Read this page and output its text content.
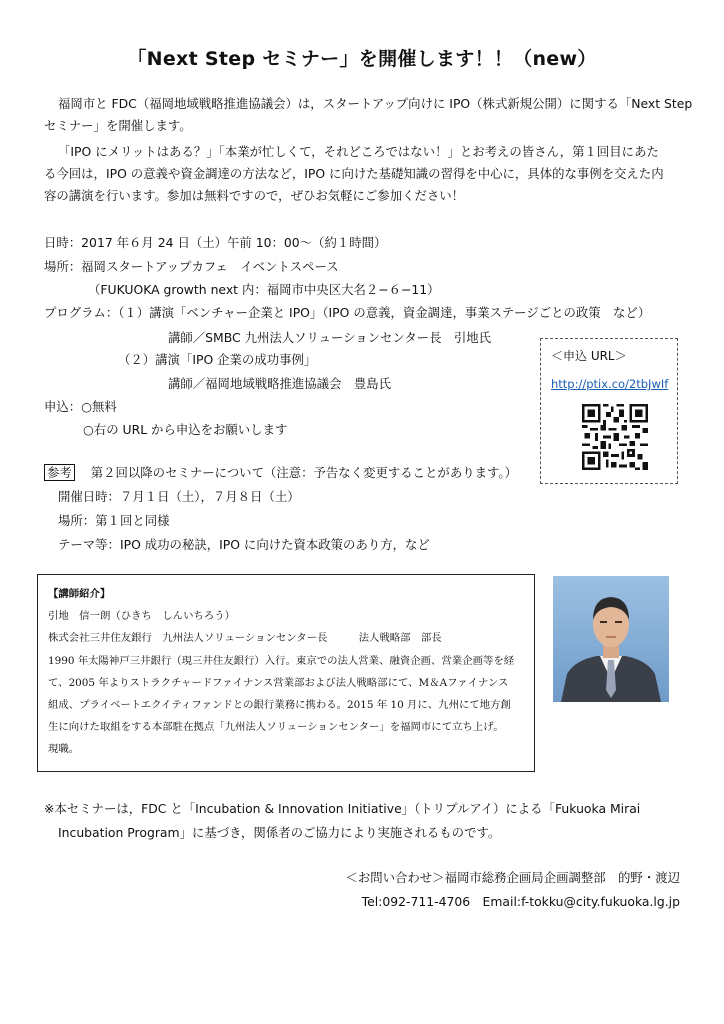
「Next Step セミナー」を開催します！！（new）
福岡市と FDC（福岡地域戦略推進協議会）は，スタートアップ向けに IPO（株式新規公開）に関する「Next Step
セミナー」を開催します。
「IPO にメリットはある？」「本業が忙しくて，それどころではない！」とお考えの皆さん，第１回目にあた
る今回は，IPO の意義や資金調達の方法など，IPO に向けた基礎知識の習得を中心に，具体的な事例を交えた内
容の講演を行います。参加は無料ですので，ぜひお気軽にご参加ください！
日時：2017 年６月 24 日（土）午前 10：00～（約１時間）
場所：福岡スタートアップカフェ　イベントスペース
（FUKUOKA growth next 内：福岡市中央区大名２−６−11）
プログラム：（１）講演「ベンチャー企業と IPO」（IPO の意義，資金調達，事業ステージごとの政策　など）
講師／SMBC 九州法人ソリューションセンター長　引地氏
（２）講演「IPO 企業の成功事例」
講師／福岡地域戦略推進協議会　豊島氏
申込：○無料
○右の URL から申込をお願いします
＜申込 URL＞
http://ptix.co/2tbJwIf
参考 第２回以降のセミナーについて（注意：予告なく変更することがあります。）
開催日時：７月１日（土），７月８日（土）
場所：第１回と同様
テーマ等：IPO 成功の秘訣，IPO に向けた資本政策のあり方，など
【講師紹介】
引地　信一朗（ひきち　しんいちろう）
株式会社三井住友銀行　九州法人ソリューションセンター長　　　法人戦略部　部長
1990 年太陽神戸三井銀行（現三井住友銀行）入行。東京での法人営業、融資企画、営業企画等を経
て、2005 年よりストラクチャードファイナンス営業部および法人戦略部にて、M＆Aファイナンス
組成、プライベートエクイティファンドとの銀行業務に携わる。2015 年 10 月に、九州にて地方創
生に向けた取組をする本部駐在拠点「九州法人ソリューションセンター」を福岡市にて立ち上げ。
現職。
※本セミナーは，FDC と「Incubation & Innovation Initiative」（トリプルアイ）による「Fukuoka Mirai
Incubation Program」に基づき，関係者のご協力により実施されるものです。
＜お問い合わせ＞福岡市総務企画局企画調整部　的野・渡辺
Tel:092-711-4706　Email:f-tokku@city.fukuoka.lg.jp
